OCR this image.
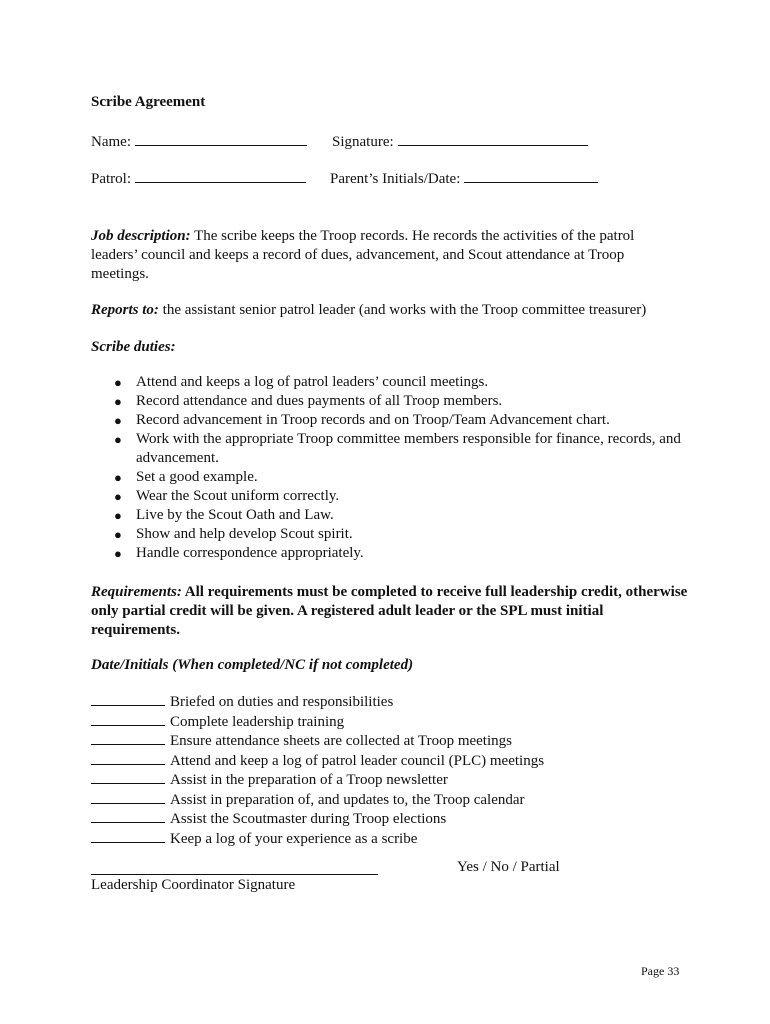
Scribe Agreement
Name:	Signature:
Patrol:	Parent’s Initials/Date:
Job description: The scribe keeps the Troop records. He records the activities of the patrol leaders’ council and keeps a record of dues, advancement, and Scout attendance at Troop meetings.
Reports to: the assistant senior patrol leader (and works with the Troop committee treasurer)
Scribe duties:
● Attend and keeps a log of patrol leaders’ council meetings.
● Record attendance and dues payments of all Troop members.
● Record advancement in Troop records and on Troop/Team Advancement chart.
● Work with the appropriate Troop committee members responsible for finance, records, and advancement.
● Set a good example.
● Wear the Scout uniform correctly.
● Live by the Scout Oath and Law.
● Show and help develop Scout spirit.
● Handle correspondence appropriately.
Requirements: All requirements must be completed to receive full leadership credit, otherwise only partial credit will be given. A registered adult leader or the SPL must initial requirements.
Date/Initials (When completed/NC if not completed)
Briefed on duties and responsibilities
Complete leadership training
Ensure attendance sheets are collected at Troop meetings
Attend and keep a log of patrol leader council (PLC) meetings
Assist in the preparation of a Troop newsletter
Assist in preparation of, and updates to, the Troop calendar
Assist the Scoutmaster during Troop elections
Keep a log of your experience as a scribe
Yes / No / Partial
Leadership Coordinator Signature
Page 33
